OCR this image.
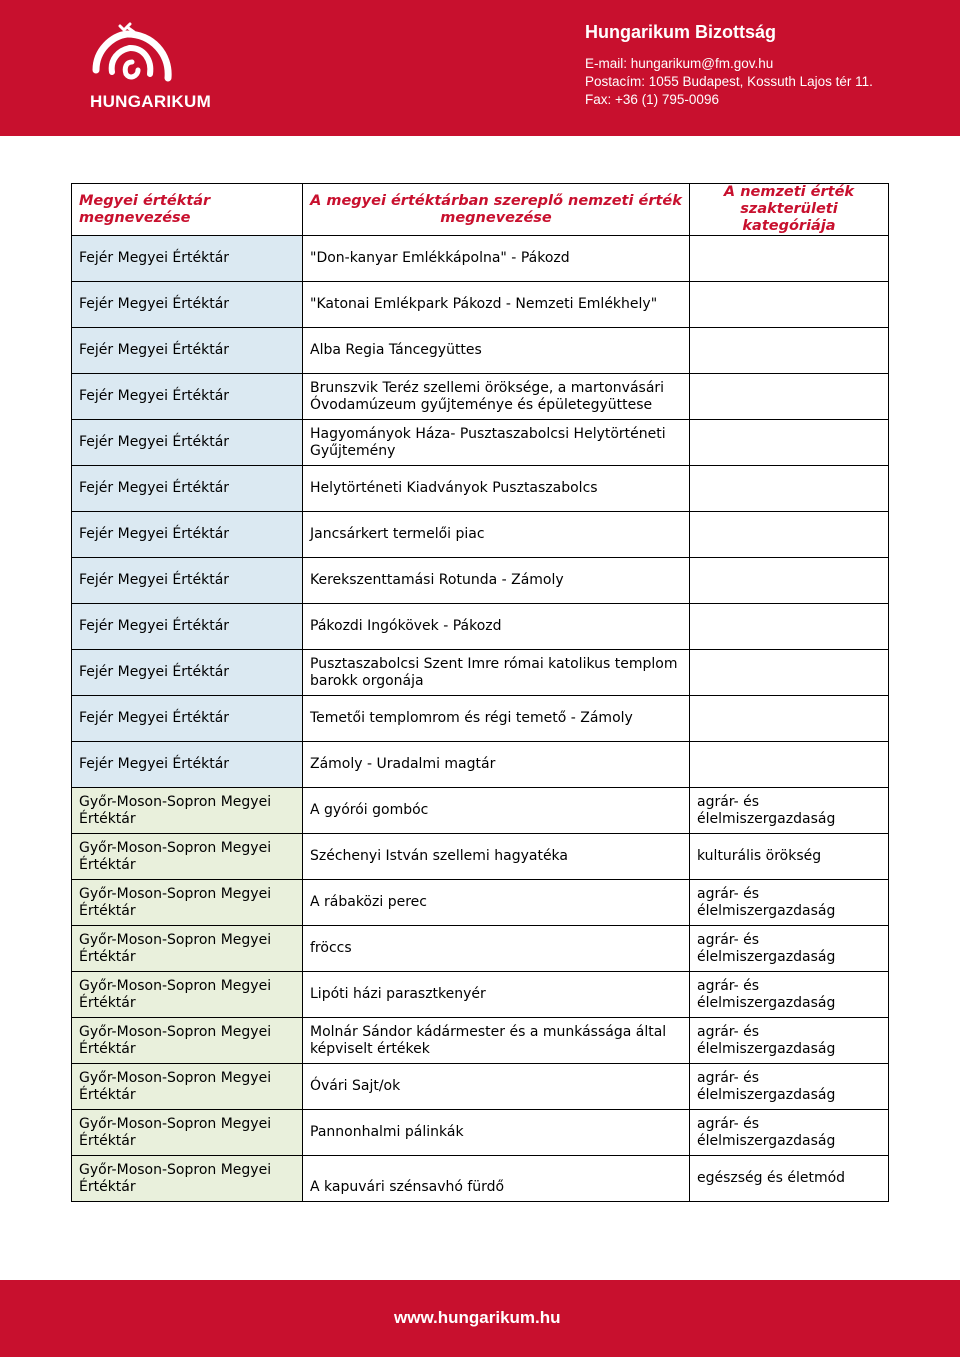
HUNGARIKUM
Hungarikum Bizottság
E-mail: hungarikum@fm.gov.hu
Postacím: 1055 Budapest, Kossuth Lajos tér 11.
Fax: +36 (1) 795-0096
Megyei értéktár megnevezése	A megyei értéktárban szereplő nemzeti érték megnevezése	A nemzeti érték szakterületi kategóriája
Fejér Megyei Értéktár	"Don-kanyar Emlékkápolna" - Pákozd	
Fejér Megyei Értéktár	"Katonai Emlékpark Pákozd - Nemzeti Emlékhely"	
Fejér Megyei Értéktár	Alba Regia Táncegyüttes	
Fejér Megyei Értéktár	Brunszvik Teréz szellemi öröksége, a martonvásári Óvodamúzeum gyűjteménye és épületegyüttese	
Fejér Megyei Értéktár	Hagyományok Háza- Pusztaszabolcsi Helytörténeti Gyűjtemény	
Fejér Megyei Értéktár	Helytörténeti Kiadványok Pusztaszabolcs	
Fejér Megyei Értéktár	Jancsárkert termelői piac	
Fejér Megyei Értéktár	Kerekszenttamási Rotunda - Zámoly	
Fejér Megyei Értéktár	Pákozdi Ingókövek - Pákozd	
Fejér Megyei Értéktár	Pusztaszabolcsi Szent Imre római katolikus templom barokk orgonája	
Fejér Megyei Értéktár	Temetői templomrom és régi temető - Zámoly	
Fejér Megyei Értéktár	Zámoly - Uradalmi magtár	
Győr-Moson-Sopron Megyei Értéktár	A gyórói gombóc	agrár- és élelmiszergazdaság
Győr-Moson-Sopron Megyei Értéktár	Széchenyi István szellemi hagyatéka	kulturális örökség
Győr-Moson-Sopron Megyei Értéktár	A rábaközi perec	agrár- és élelmiszergazdaság
Győr-Moson-Sopron Megyei Értéktár	fröccs	agrár- és élelmiszergazdaság
Győr-Moson-Sopron Megyei Értéktár	Lipóti házi parasztkenyér	agrár- és élelmiszergazdaság
Győr-Moson-Sopron Megyei Értéktár	Molnár Sándor kádármester és a munkássága által képviselt értékek	agrár- és élelmiszergazdaság
Győr-Moson-Sopron Megyei Értéktár	Óvári Sajt/ok	agrár- és élelmiszergazdaság
Győr-Moson-Sopron Megyei Értéktár	Pannonhalmi pálinkák	agrár- és élelmiszergazdaság
Győr-Moson-Sopron Megyei Értéktár	A kapuvári szénsavhó fürdő	egészség és életmód
www.hungarikum.hu
